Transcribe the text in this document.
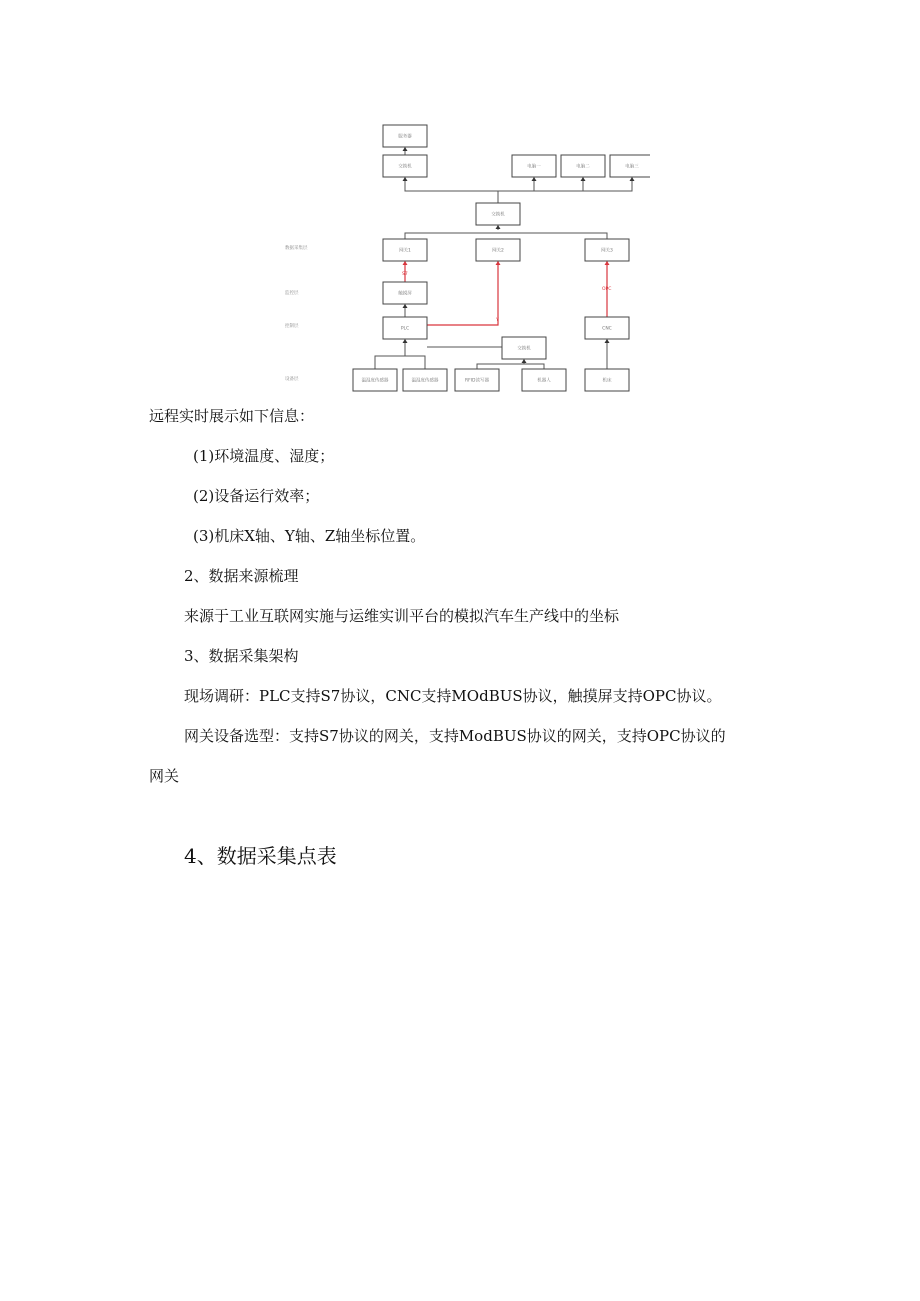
S7
Y
OPC
服务器
交换机	电脑一	电脑二	电脑三
交换机
网关1	网关2	网关3
触摸屏
PLC	CNC
交换机
温湿度传感器	温湿度传感器	RFID读写器	机器人	机床
数据采集层
监控层
控制层
设备层
远程实时展示如下信息：
(1)环境温度、湿度；
(2)设备运行效率；
(3)机床X轴、Y轴、Z轴坐标位置。
2、数据来源梳理
来源于工业互联网实施与运维实训平台的模拟汽车生产线中的坐标
3、数据采集架构
现场调研：PLC支持S7协议，CNC支持MOdBUS协议，触摸屏支持OPC协议。
网关设备选型：支持S7协议的网关，支持ModBUS协议的网关，支持OPC协议的
网关
4、数据采集点表
